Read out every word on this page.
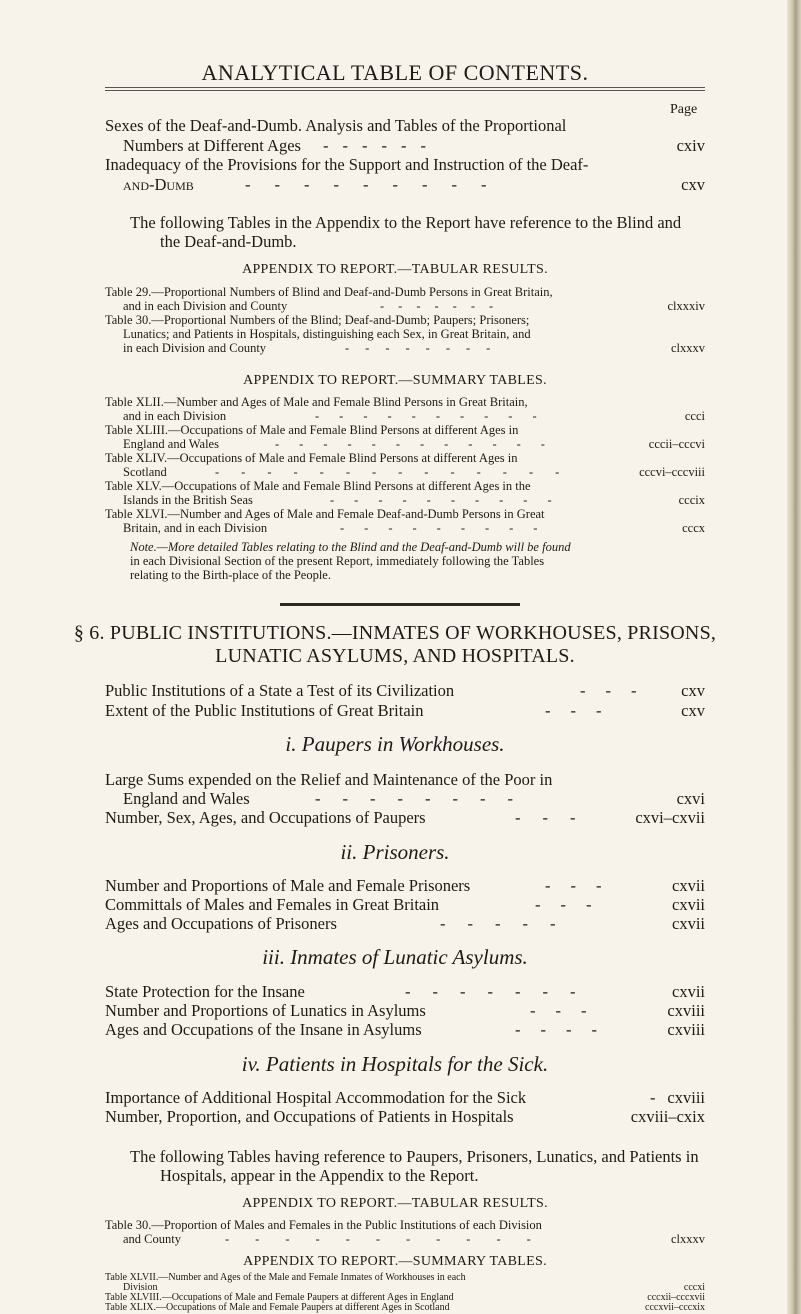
ANALYTICAL TABLE OF CONTENTS.
Page
Sexes of the Deaf-and-Dumb. Analysis and Tables of the Proportional
Numbers at Different Ages ------	cxiv
Inadequacy of the Provisions for the Support and Instruction of the Deaf-
and-Dumb	---------	cxv
The following Tables in the Appendix to the Report have reference to the Blind and
the Deaf-and-Dumb.
APPENDIX TO REPORT.—TABULAR RESULTS.
Table 29.—Proportional Numbers of Blind and Deaf-and-Dumb Persons in Great Britain,
and in each Division and County	-------	clxxxiv
Table 30.—Proportional Numbers of the Blind; Deaf-and-Dumb; Paupers; Prisoners;
Lunatics; and Patients in Hospitals, distinguishing each Sex, in Great Britain, and
in each Division and County	--------	clxxxv
APPENDIX TO REPORT.—SUMMARY TABLES.
Table XLII.—Number and Ages of Male and Female Blind Persons in Great Britain,
and in each Division	----------	ccci
Table XLIII.—Occupations of Male and Female Blind Persons at different Ages in
England and Wales	------------	cccii–cccvi
Table XLIV.—Occupations of Male and Female Blind Persons at different Ages in
Scotland	--------------	cccvi–cccviii
Table XLV.—Occupations of Male and Female Blind Persons at different Ages in the
Islands in the British Seas	----------	cccix
Table XLVI.—Number and Ages of Male and Female Deaf-and-Dumb Persons in Great
Britain, and in each Division	---------	cccx
Note.—More detailed Tables relating to the Blind and the Deaf-and-Dumb will be found
in each Divisional Section of the present Report, immediately following the Tables
relating to the Birth-place of the People.
§ 6. PUBLIC INSTITUTIONS.—INMATES OF WORKHOUSES, PRISONS,
LUNATIC ASYLUMS, AND HOSPITALS.
Public Institutions of a State a Test of its Civilization	--- cxv
Extent of the Public Institutions of Great Britain	---	cxv
i. Paupers in Workhouses.
Large Sums expended on the Relief and Maintenance of the Poor in
England and Wales	--------	cxvi
Number, Sex, Ages, and Occupations of Paupers	--- cxvi–cxvii
ii. Prisoners.
Number and Proportions of Male and Female Prisoners	---	cxvii
Committals of Males and Females in Great Britain	---	cxvii
Ages and Occupations of Prisoners	-----	cxvii
iii. Inmates of Lunatic Asylums.
State Protection for the Insane	-------	cxvii
Number and Proportions of Lunatics in Asylums	---	cxviii
Ages and Occupations of the Insane in Asylums	----	cxviii
iv. Patients in Hospitals for the Sick.
Importance of Additional Hospital Accommodation for the Sick	- cxviii
Number, Proportion, and Occupations of Patients in Hospitals	cxviii–cxix
The following Tables having reference to Paupers, Prisoners, Lunatics, and Patients in
Hospitals, appear in the Appendix to the Report.
APPENDIX TO REPORT.—TABULAR RESULTS.
Table 30.—Proportion of Males and Females in the Public Institutions of each Division
and County	-----------	clxxxv
APPENDIX TO REPORT.—SUMMARY TABLES.
Table XLVII.—Number and Ages of the Male and Female Inmates of Workhouses in each
Division	cccxi
Table XLVIII.—Occupations of Male and Female Paupers at different Ages in England	cccxii–cccxvii
Table XLIX.—Occupations of Male and Female Paupers at different Ages in Scotland	cccxvii–cccxix
